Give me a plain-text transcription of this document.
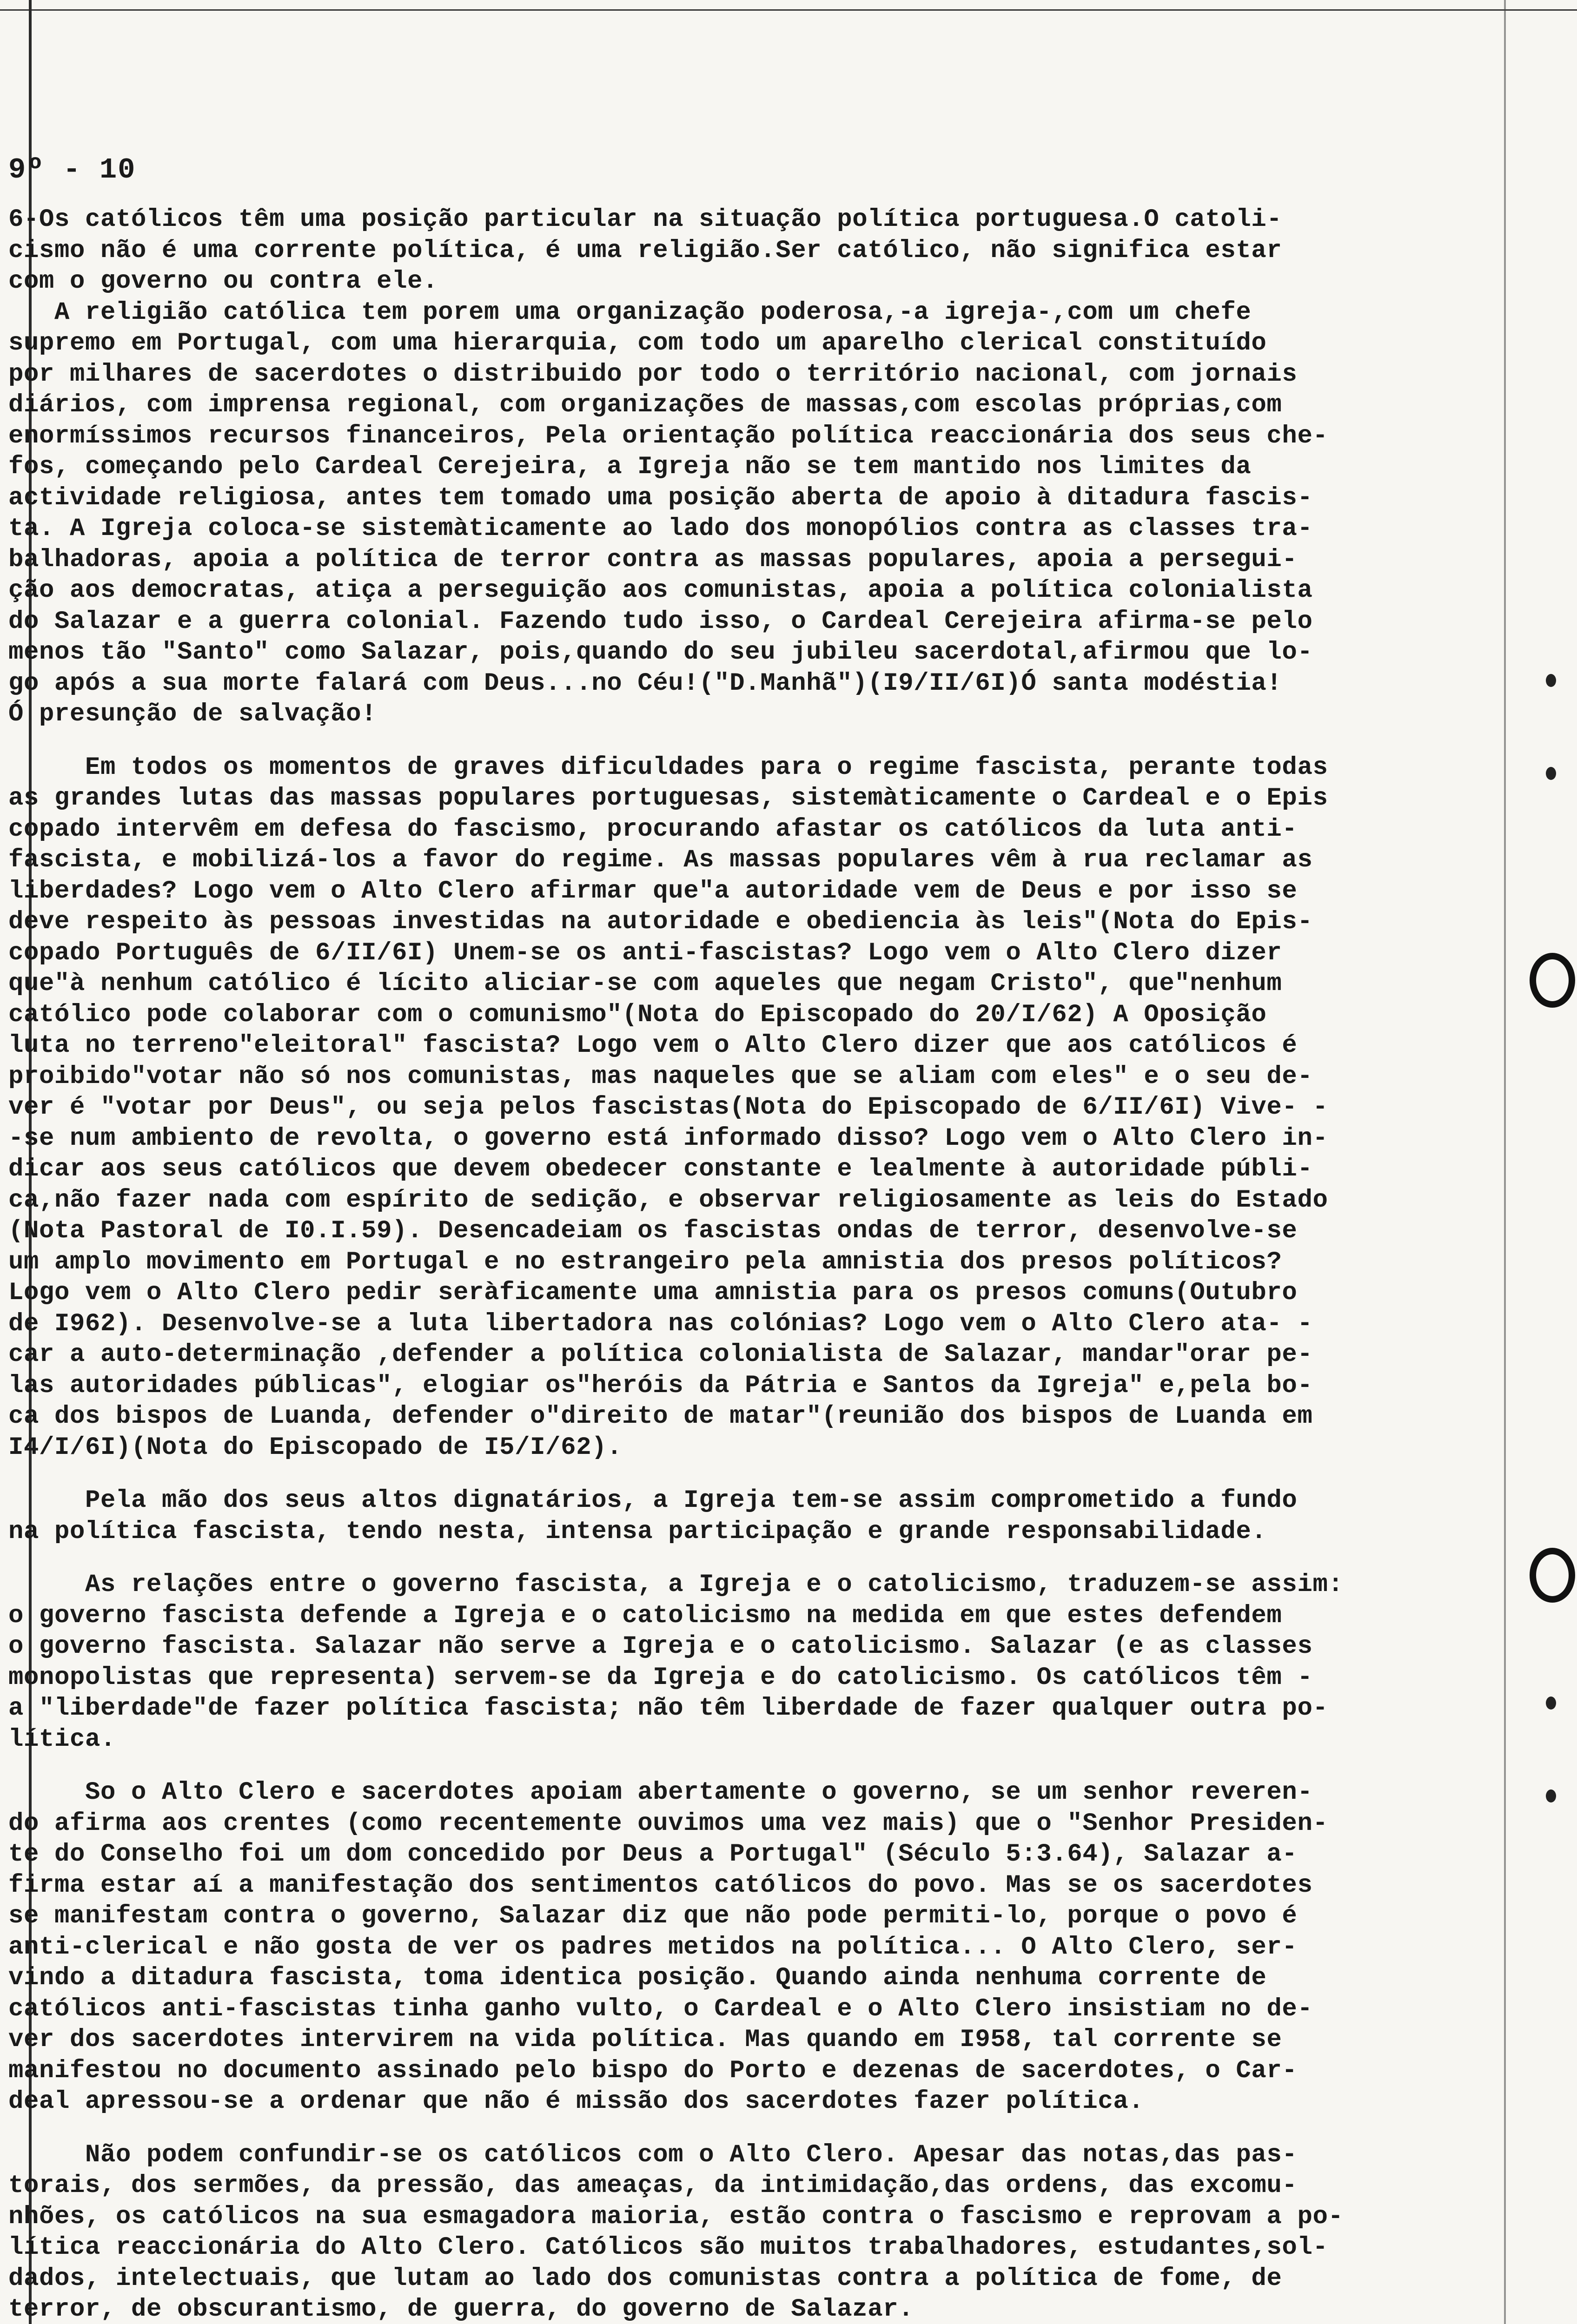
9º - 10
6-Os católicos têm uma posição particular na situação política portuguesa.O catoli-
cismo não é uma corrente política, é uma religião.Ser católico, não significa estar
com o governo ou contra ele.
A religião católica tem porem uma organização poderosa,-a igreja-,com um chefe
supremo em Portugal, com uma hierarquia, com todo um aparelho clerical constituído
por milhares de sacerdotes o distribuido por todo o território nacional, com jornais
diários, com imprensa regional, com organizações de massas,com escolas próprias,com
enormíssimos recursos financeiros, Pela orientação política reaccionária dos seus che-
fos, começando pelo Cardeal Cerejeira, a Igreja não se tem mantido nos limites da
actividade religiosa, antes tem tomado uma posição aberta de apoio à ditadura fascis-
ta. A Igreja coloca-se sistemàticamente ao lado dos monopólios contra as classes tra-
balhadoras, apoia a política de terror contra as massas populares, apoia a persegui-
ção aos democratas, atiça a perseguição aos comunistas, apoia a política colonialista
do Salazar e a guerra colonial. Fazendo tudo isso, o Cardeal Cerejeira afirma-se pelo
menos tão "Santo" como Salazar, pois,quando do seu jubileu sacerdotal,afirmou que lo-
go após a sua morte falará com Deus...no Céu!("D.Manhã")(I9/II/6I)Ó santa modéstia!
Ó presunção de salvação!
Em todos os momentos de graves dificuldades para o regime fascista, perante todas
as grandes lutas das massas populares portuguesas, sistemàticamente o Cardeal e o Epis
copado intervêm em defesa do fascismo, procurando afastar os católicos da luta anti-
fascista, e mobilizá-los a favor do regime. As massas populares vêm à rua reclamar as
liberdades? Logo vem o Alto Clero afirmar que"a autoridade vem de Deus e por isso se
deve respeito às pessoas investidas na autoridade e obediencia às leis"(Nota do Epis-
copado Português de 6/II/6I) Unem-se os anti-fascistas? Logo vem o Alto Clero dizer
que"à nenhum católico é lícito aliciar-se com aqueles que negam Cristo", que"nenhum
católico pode colaborar com o comunismo"(Nota do Episcopado do 20/I/62) A Oposição
luta no terreno"eleitoral" fascista? Logo vem o Alto Clero dizer que aos católicos é
proibido"votar não só nos comunistas, mas naqueles que se aliam com eles" e o seu de-
ver é "votar por Deus", ou seja pelos fascistas(Nota do Episcopado de 6/II/6I) Vive- -
-se num ambiento de revolta, o governo está informado disso? Logo vem o Alto Clero in-
dicar aos seus católicos que devem obedecer constante e lealmente à autoridade públi-
ca,não fazer nada com espírito de sedição, e observar religiosamente as leis do Estado
(Nota Pastoral de I0.I.59). Desencadeiam os fascistas ondas de terror, desenvolve-se
um amplo movimento em Portugal e no estrangeiro pela amnistia dos presos políticos?
Logo vem o Alto Clero pedir seràficamente uma amnistia para os presos comuns(Outubro
de I962). Desenvolve-se a luta libertadora nas colónias? Logo vem o Alto Clero ata- -
car a auto-determinação ,defender a política colonialista de Salazar, mandar"orar pe-
las autoridades públicas", elogiar os"heróis da Pátria e Santos da Igreja" e,pela bo-
ca dos bispos de Luanda, defender o"direito de matar"(reunião dos bispos de Luanda em
I4/I/6I)(Nota do Episcopado de I5/I/62).
Pela mão dos seus altos dignatários, a Igreja tem-se assim comprometido a fundo
na política fascista, tendo nesta, intensa participação e grande responsabilidade.
As relações entre o governo fascista, a Igreja e o catolicismo, traduzem-se assim:
o governo fascista defende a Igreja e o catolicismo na medida em que estes defendem
o governo fascista. Salazar não serve a Igreja e o catolicismo. Salazar (e as classes
monopolistas que representa) servem-se da Igreja e do catolicismo. Os católicos têm -
a "liberdade"de fazer política fascista; não têm liberdade de fazer qualquer outra po-
lítica.
So o Alto Clero e sacerdotes apoiam abertamente o governo, se um senhor reveren-
do afirma aos crentes (como recentemente ouvimos uma vez mais) que o "Senhor Presiden-
te do Conselho foi um dom concedido por Deus a Portugal" (Século 5:3.64), Salazar a-
firma estar aí a manifestação dos sentimentos católicos do povo. Mas se os sacerdotes
se manifestam contra o governo, Salazar diz que não pode permiti-lo, porque o povo é
anti-clerical e não gosta de ver os padres metidos na política... O Alto Clero, ser-
vindo a ditadura fascista, toma identica posição. Quando ainda nenhuma corrente de
católicos anti-fascistas tinha ganho vulto, o Cardeal e o Alto Clero insistiam no de-
ver dos sacerdotes intervirem na vida política. Mas quando em I958, tal corrente se
manifestou no documento assinado pelo bispo do Porto e dezenas de sacerdotes, o Car-
deal apressou-se a ordenar que não é missão dos sacerdotes fazer política.
Não podem confundir-se os católicos com o Alto Clero. Apesar das notas,das pas-
torais, dos sermões, da pressão, das ameaças, da intimidação,das ordens, das excomu-
nhões, os católicos na sua esmagadora maioria, estão contra o fascismo e reprovam a po-
lítica reaccionária do Alto Clero. Católicos são muitos trabalhadores, estudantes,sol-
dados, intelectuais, que lutam ao lado dos comunistas contra a política de fome, de
terror, de obscurantismo, de guerra, do governo de Salazar.
